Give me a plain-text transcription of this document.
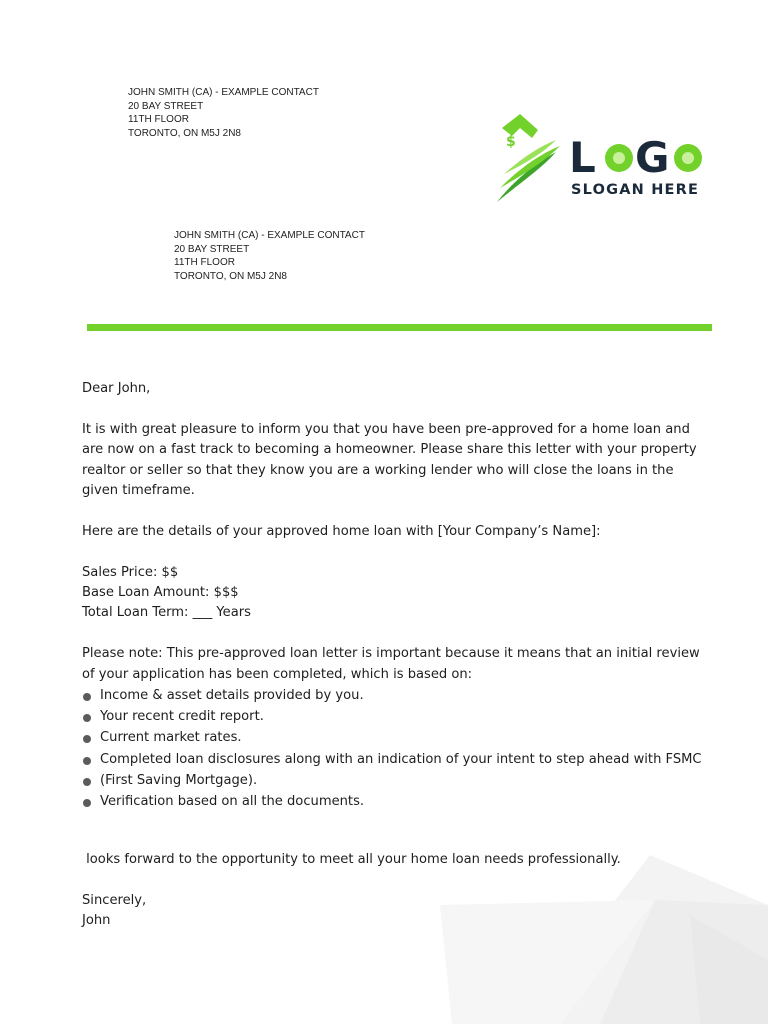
JOHN SMITH (CA) - EXAMPLE CONTACT
20 BAY STREET
11TH FLOOR
TORONTO, ON M5J 2N8
$ L G
SLOGAN HERE
JOHN SMITH (CA) - EXAMPLE CONTACT
20 BAY STREET
11TH FLOOR
TORONTO, ON M5J 2N8

Dear John,

It is with great pleasure to inform you that you have been pre-approved for a home loan and are now on a fast track to becoming a homeowner. Please share this letter with your property realtor or seller so that they know you are a working lender who will close the loans in the given timeframe.

Here are the details of your approved home loan with [Your Company’s Name]:

Sales Price: $$

Base Loan Amount: $$$

Total Loan Term: ___ Years

Please note: This pre-approved loan letter is important because it means that an initial review of your application has been completed, which is based on:

Income & asset details provided by you.
Your recent credit report.
Current market rates.
Completed loan disclosures along with an indication of your intent to step ahead with FSMC
(First Saving Mortgage).
Verification based on all the documents.

looks forward to the opportunity to meet all your home loan needs professionally.

Sincerely,

John
